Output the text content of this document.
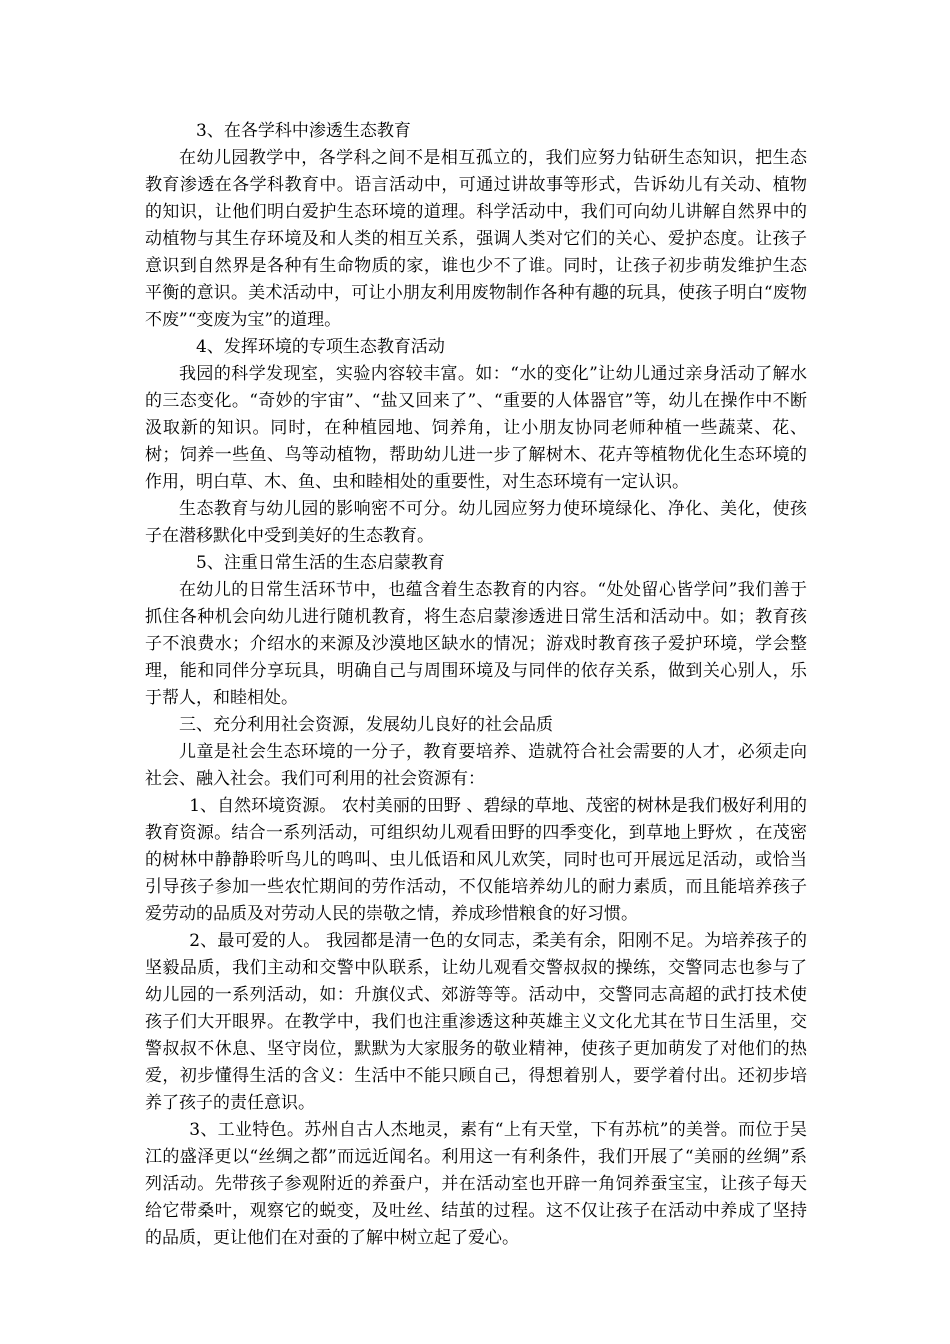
3、在各学科中渗透生态教育

在幼儿园教学中，各学科之间不是相互孤立的，我们应努力钻研生态知识，把生态教育渗透在各学科教育中。语言活动中，可通过讲故事等形式，告诉幼儿有关动、植物的知识，让他们明白爱护生态环境的道理。科学活动中，我们可向幼儿讲解自然界中的动植物与其生存环境及和人类的相互关系，强调人类对它们的关心、爱护态度。让孩子意识到自然界是各种有生命物质的家，谁也少不了谁。同时，让孩子初步萌发维护生态平衡的意识。美术活动中，可让小朋友利用废物制作各种有趣的玩具，使孩子明白“废物不废”“变废为宝”的道理。

4、发挥环境的专项生态教育活动

我园的科学发现室，实验内容较丰富。如：“水的变化”让幼儿通过亲身活动了解水的三态变化。“奇妙的宇宙”、“盐又回来了”、“重要的人体器官”等，幼儿在操作中不断汲取新的知识。同时，在种植园地、饲养角，让小朋友协同老师种植一些蔬菜、花、树；饲养一些鱼、鸟等动植物，帮助幼儿进一步了解树木、花卉等植物优化生态环境的作用，明白草、木、鱼、虫和睦相处的重要性，对生态环境有一定认识。

生态教育与幼儿园的影响密不可分。幼儿园应努力使环境绿化、净化、美化，使孩子在潜移默化中受到美好的生态教育。

5、注重日常生活的生态启蒙教育

在幼儿的日常生活环节中，也蕴含着生态教育的内容。“处处留心皆学问”我们善于抓住各种机会向幼儿进行随机教育，将生态启蒙渗透进日常生活和活动中。如；教育孩子不浪费水；介绍水的来源及沙漠地区缺水的情况；游戏时教育孩子爱护环境，学会整理，能和同伴分享玩具，明确自己与周围环境及与同伴的依存关系，做到关心别人，乐于帮人，和睦相处。

三、充分利用社会资源，发展幼儿良好的社会品质

儿童是社会生态环境的一分子，教育要培养、造就符合社会需要的人才，必须走向社会、融入社会。我们可利用的社会资源有：

1、自然环境资源。 农村美丽的田野 、碧绿的草地、茂密的树林是我们极好利用的教育资源。结合一系列活动，可组织幼儿观看田野的四季变化，到草地上野炊 ，在茂密的树林中静静聆听鸟儿的鸣叫、虫儿低语和风儿欢笑，同时也可开展远足活动，或恰当引导孩子参加一些农忙期间的劳作活动，不仅能培养幼儿的耐力素质，而且能培养孩子爱劳动的品质及对劳动人民的崇敬之情，养成珍惜粮食的好习惯。

2、最可爱的人。 我园都是清一色的女同志，柔美有余，阳刚不足。为培养孩子的坚毅品质，我们主动和交警中队联系，让幼儿观看交警叔叔的操练，交警同志也参与了幼儿园的一系列活动，如：升旗仪式、郊游等等。活动中，交警同志高超的武打技术使孩子们大开眼界。在教学中，我们也注重渗透这种英雄主义文化尤其在节日生活里，交警叔叔不休息、坚守岗位，默默为大家服务的敬业精神，使孩子更加萌发了对他们的热爱，初步懂得生活的含义：生活中不能只顾自己，得想着别人，要学着付出。还初步培养了孩子的责任意识。

3、工业特色。苏州自古人杰地灵，素有“上有天堂，下有苏杭”的美誉。而位于吴江的盛泽更以“丝绸之都”而远近闻名。利用这一有利条件，我们开展了“美丽的丝绸”系列活动。先带孩子参观附近的养蚕户，并在活动室也开辟一角饲养蚕宝宝，让孩子每天给它带桑叶，观察它的蜕变，及吐丝、结茧的过程。这不仅让孩子在活动中养成了坚持的品质，更让他们在对蚕的了解中树立起了爱心。
